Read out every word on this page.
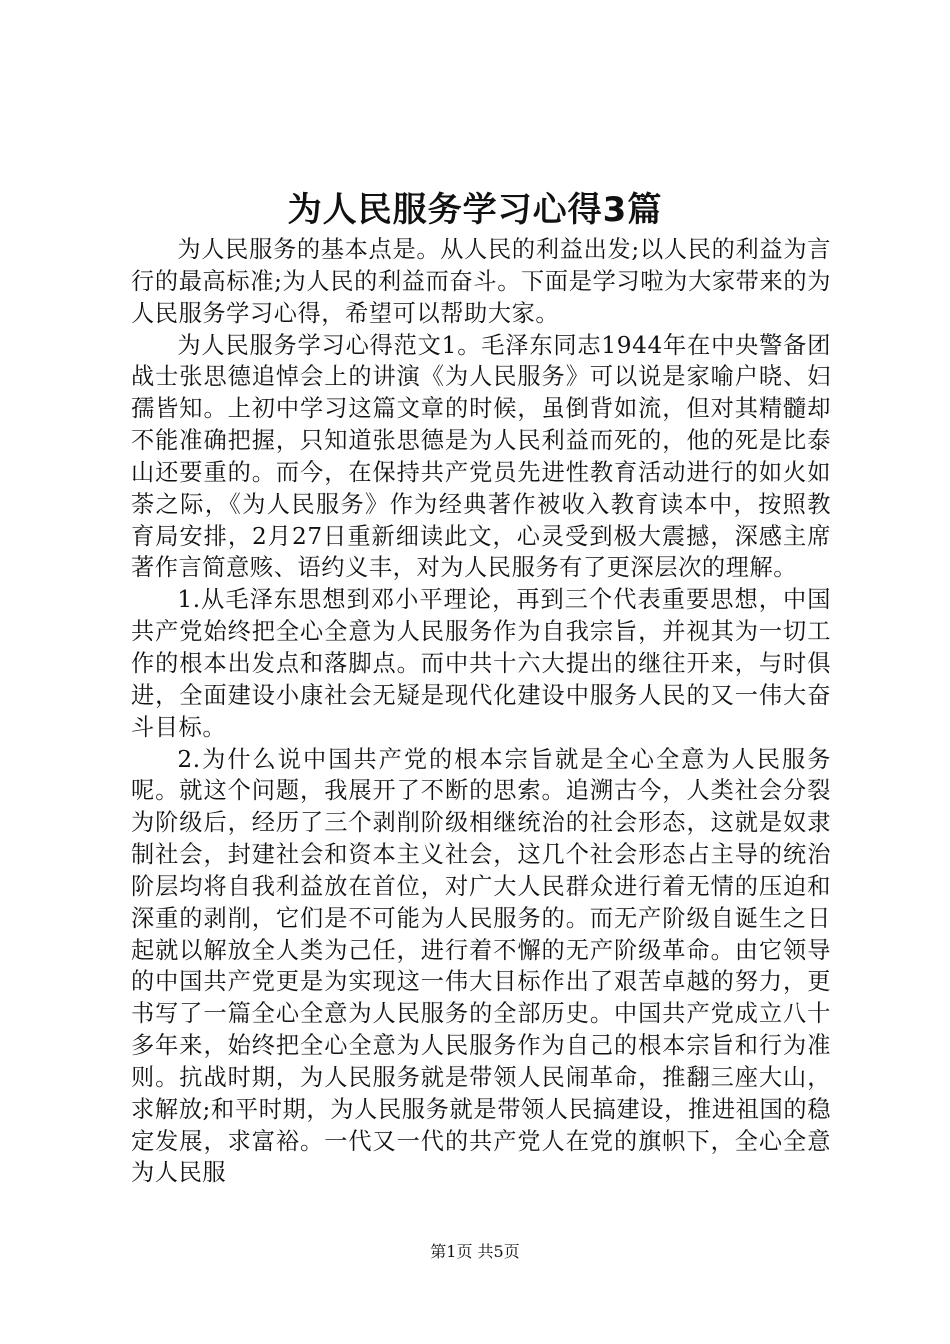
为人民服务学习心得3篇

为人民服务的基本点是。从人民的利益出发;以人民的利益为言行的最高标准;为人民的利益而奋斗。下面是学习啦为大家带来的为人民服务学习心得，希望可以帮助大家。

为人民服务学习心得范文1。毛泽东同志1944年在中央警备团战士张思德追悼会上的讲演《为人民服务》可以说是家喻户晓、妇孺皆知。上初中学习这篇文章的时候，虽倒背如流，但对其精髓却不能准确把握，只知道张思德是为人民利益而死的，他的死是比泰山还要重的。而今，在保持共产党员先进性教育活动进行的如火如荼之际，《为人民服务》作为经典著作被收入教育读本中，按照教育局安排，2月27日重新细读此文，心灵受到极大震撼，深感主席著作言简意赅、语约义丰，对为人民服务有了更深层次的理解。

1.从毛泽东思想到邓小平理论，再到三个代表重要思想，中国共产党始终把全心全意为人民服务作为自我宗旨，并视其为一切工作的根本出发点和落脚点。而中共十六大提出的继往开来，与时俱进，全面建设小康社会无疑是现代化建设中服务人民的又一伟大奋斗目标。

2.为什么说中国共产党的根本宗旨就是全心全意为人民服务呢。就这个问题，我展开了不断的思索。追溯古今，人类社会分裂为阶级后，经历了三个剥削阶级相继统治的社会形态，这就是奴隶制社会，封建社会和资本主义社会，这几个社会形态占主导的统治阶层均将自我利益放在首位，对广大人民群众进行着无情的压迫和深重的剥削，它们是不可能为人民服务的。而无产阶级自诞生之日起就以解放全人类为己任，进行着不懈的无产阶级革命。由它领导的中国共产党更是为实现这一伟大目标作出了艰苦卓越的努力，更书写了一篇全心全意为人民服务的全部历史。中国共产党成立八十多年来，始终把全心全意为人民服务作为自己的根本宗旨和行为准则。抗战时期，为人民服务就是带领人民闹革命，推翻三座大山，求解放;和平时期，为人民服务就是带领人民搞建设，推进祖国的稳定发展，求富裕。一代又一代的共产党人在党的旗帜下，全心全意为人民服

第1页 共5页
